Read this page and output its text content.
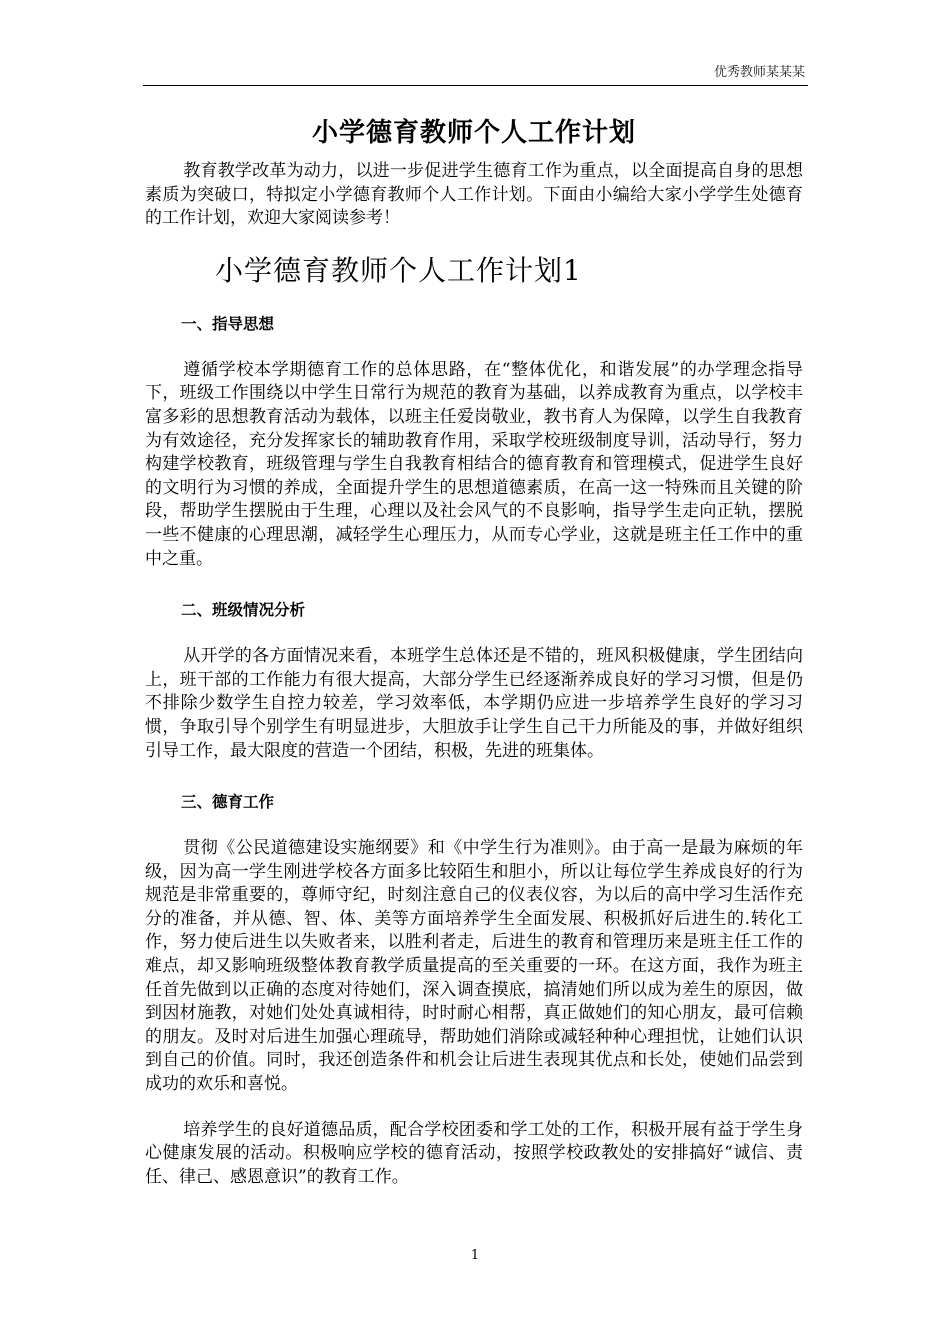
优秀教师某某某
小学德育教师个人工作计划

教育教学改革为动力，以进一步促进学生德育工作为重点，以全面提高自身的思想素质为突破口，特拟定小学德育教师个人工作计划。下面由小编给大家小学学生处德育的工作计划，欢迎大家阅读参考！

小学德育教师个人工作计划1
一、指导思想

遵循学校本学期德育工作的总体思路，在“整体优化，和谐发展”的办学理念指导下，班级工作围绕以中学生日常行为规范的教育为基础，以养成教育为重点，以学校丰富多彩的思想教育活动为载体，以班主任爱岗敬业，教书育人为保障，以学生自我教育为有效途径，充分发挥家长的辅助教育作用，采取学校班级制度导训，活动导行，努力构建学校教育，班级管理与学生自我教育相结合的德育教育和管理模式，促进学生良好的文明行为习惯的养成，全面提升学生的思想道德素质，在高一这一特殊而且关键的阶段，帮助学生摆脱由于生理，心理以及社会风气的不良影响，指导学生走向正轨，摆脱一些不健康的心理思潮，减轻学生心理压力，从而专心学业，这就是班主任工作中的重中之重。

二、班级情况分析

从开学的各方面情况来看，本班学生总体还是不错的，班风积极健康，学生团结向上，班干部的工作能力有很大提高，大部分学生已经逐渐养成良好的学习习惯，但是仍不排除少数学生自控力较差，学习效率低，本学期仍应进一步培养学生良好的学习习惯，争取引导个别学生有明显进步，大胆放手让学生自己干力所能及的事，并做好组织引导工作，最大限度的营造一个团结，积极，先进的班集体。

三、德育工作

贯彻《公民道德建设实施纲要》和《中学生行为准则》。由于高一是最为麻烦的年级，因为高一学生刚进学校各方面多比较陌生和胆小，所以让每位学生养成良好的行为规范是非常重要的，尊师守纪，时刻注意自己的仪表仪容，为以后的高中学习生活作充分的准备，并从德、智、体、美等方面培养学生全面发展、积极抓好后进生的.转化工作，努力使后进生以失败者来，以胜利者走，后进生的教育和管理历来是班主任工作的难点，却又影响班级整体教育教学质量提高的至关重要的一环。在这方面，我作为班主任首先做到以正确的态度对待她们，深入调查摸底，搞清她们所以成为差生的原因，做到因材施教，对她们处处真诚相待，时时耐心相帮，真正做她们的知心朋友，最可信赖的朋友。及时对后进生加强心理疏导，帮助她们消除或减轻种种心理担忧，让她们认识到自己的价值。同时，我还创造条件和机会让后进生表现其优点和长处，使她们品尝到成功的欢乐和喜悦。

培养学生的良好道德品质，配合学校团委和学工处的工作，积极开展有益于学生身心健康发展的活动。积极响应学校的德育活动，按照学校政教处的安排搞好“诚信、责任、律己、感恩意识”的教育工作。

1
